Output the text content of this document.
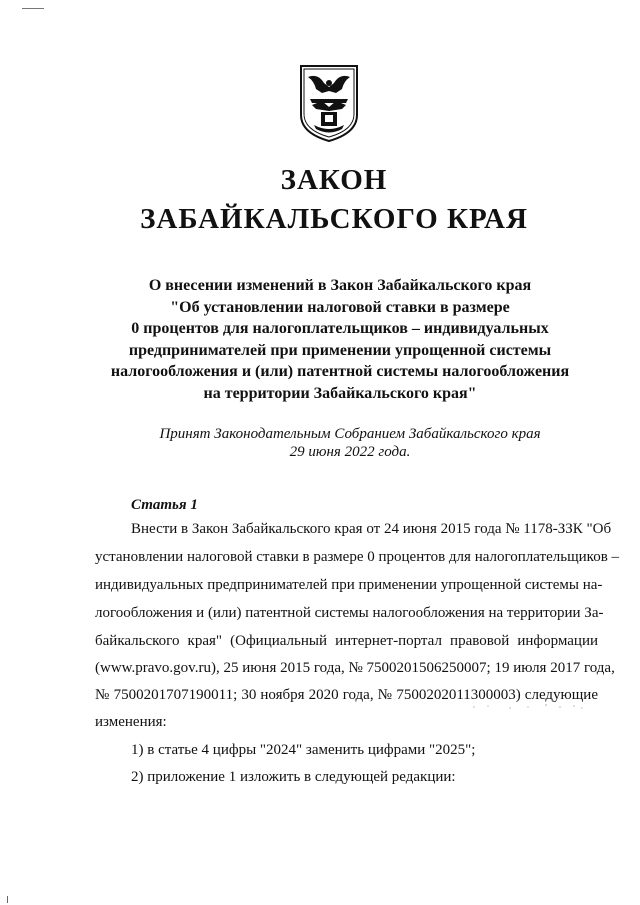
ЗАКОН
ЗАБАЙКАЛЬСКОГО КРАЯ
О внесении изменений в Закон Забайкальского края
"Об установлении налоговой ставки в размере
0 процентов для налогоплательщиков – индивидуальных
предпринимателей при применении упрощенной системы
налогообложения и (или) патентной системы налогообложения
на территории Забайкальского края"
Принят Законодательным Собранием Забайкальского края
29 июня 2022 года.
Статья 1
Внести в Закон Забайкальского края от 24 июня 2015 года № 1178-ЗЗК "Об
установлении налоговой ставки в размере 0 процентов для налогоплательщиков –
индивидуальных предпринимателей при применении упрощенной системы на-
логообложения и (или) патентной системы налогообложения на территории За-
байкальского края" (Официальный интернет-портал правовой информации
(www.pravo.gov.ru), 25 июня 2015 года, № 7500201506250007; 19 июля 2017 года,
№ 7500201707190011; 30 ноября 2020 года, № 7500202011300003) следующие
изменения:
1) в статье 4 цифры "2024" заменить цифрами "2025";
2) приложение 1 изложить в следующей редакции:
